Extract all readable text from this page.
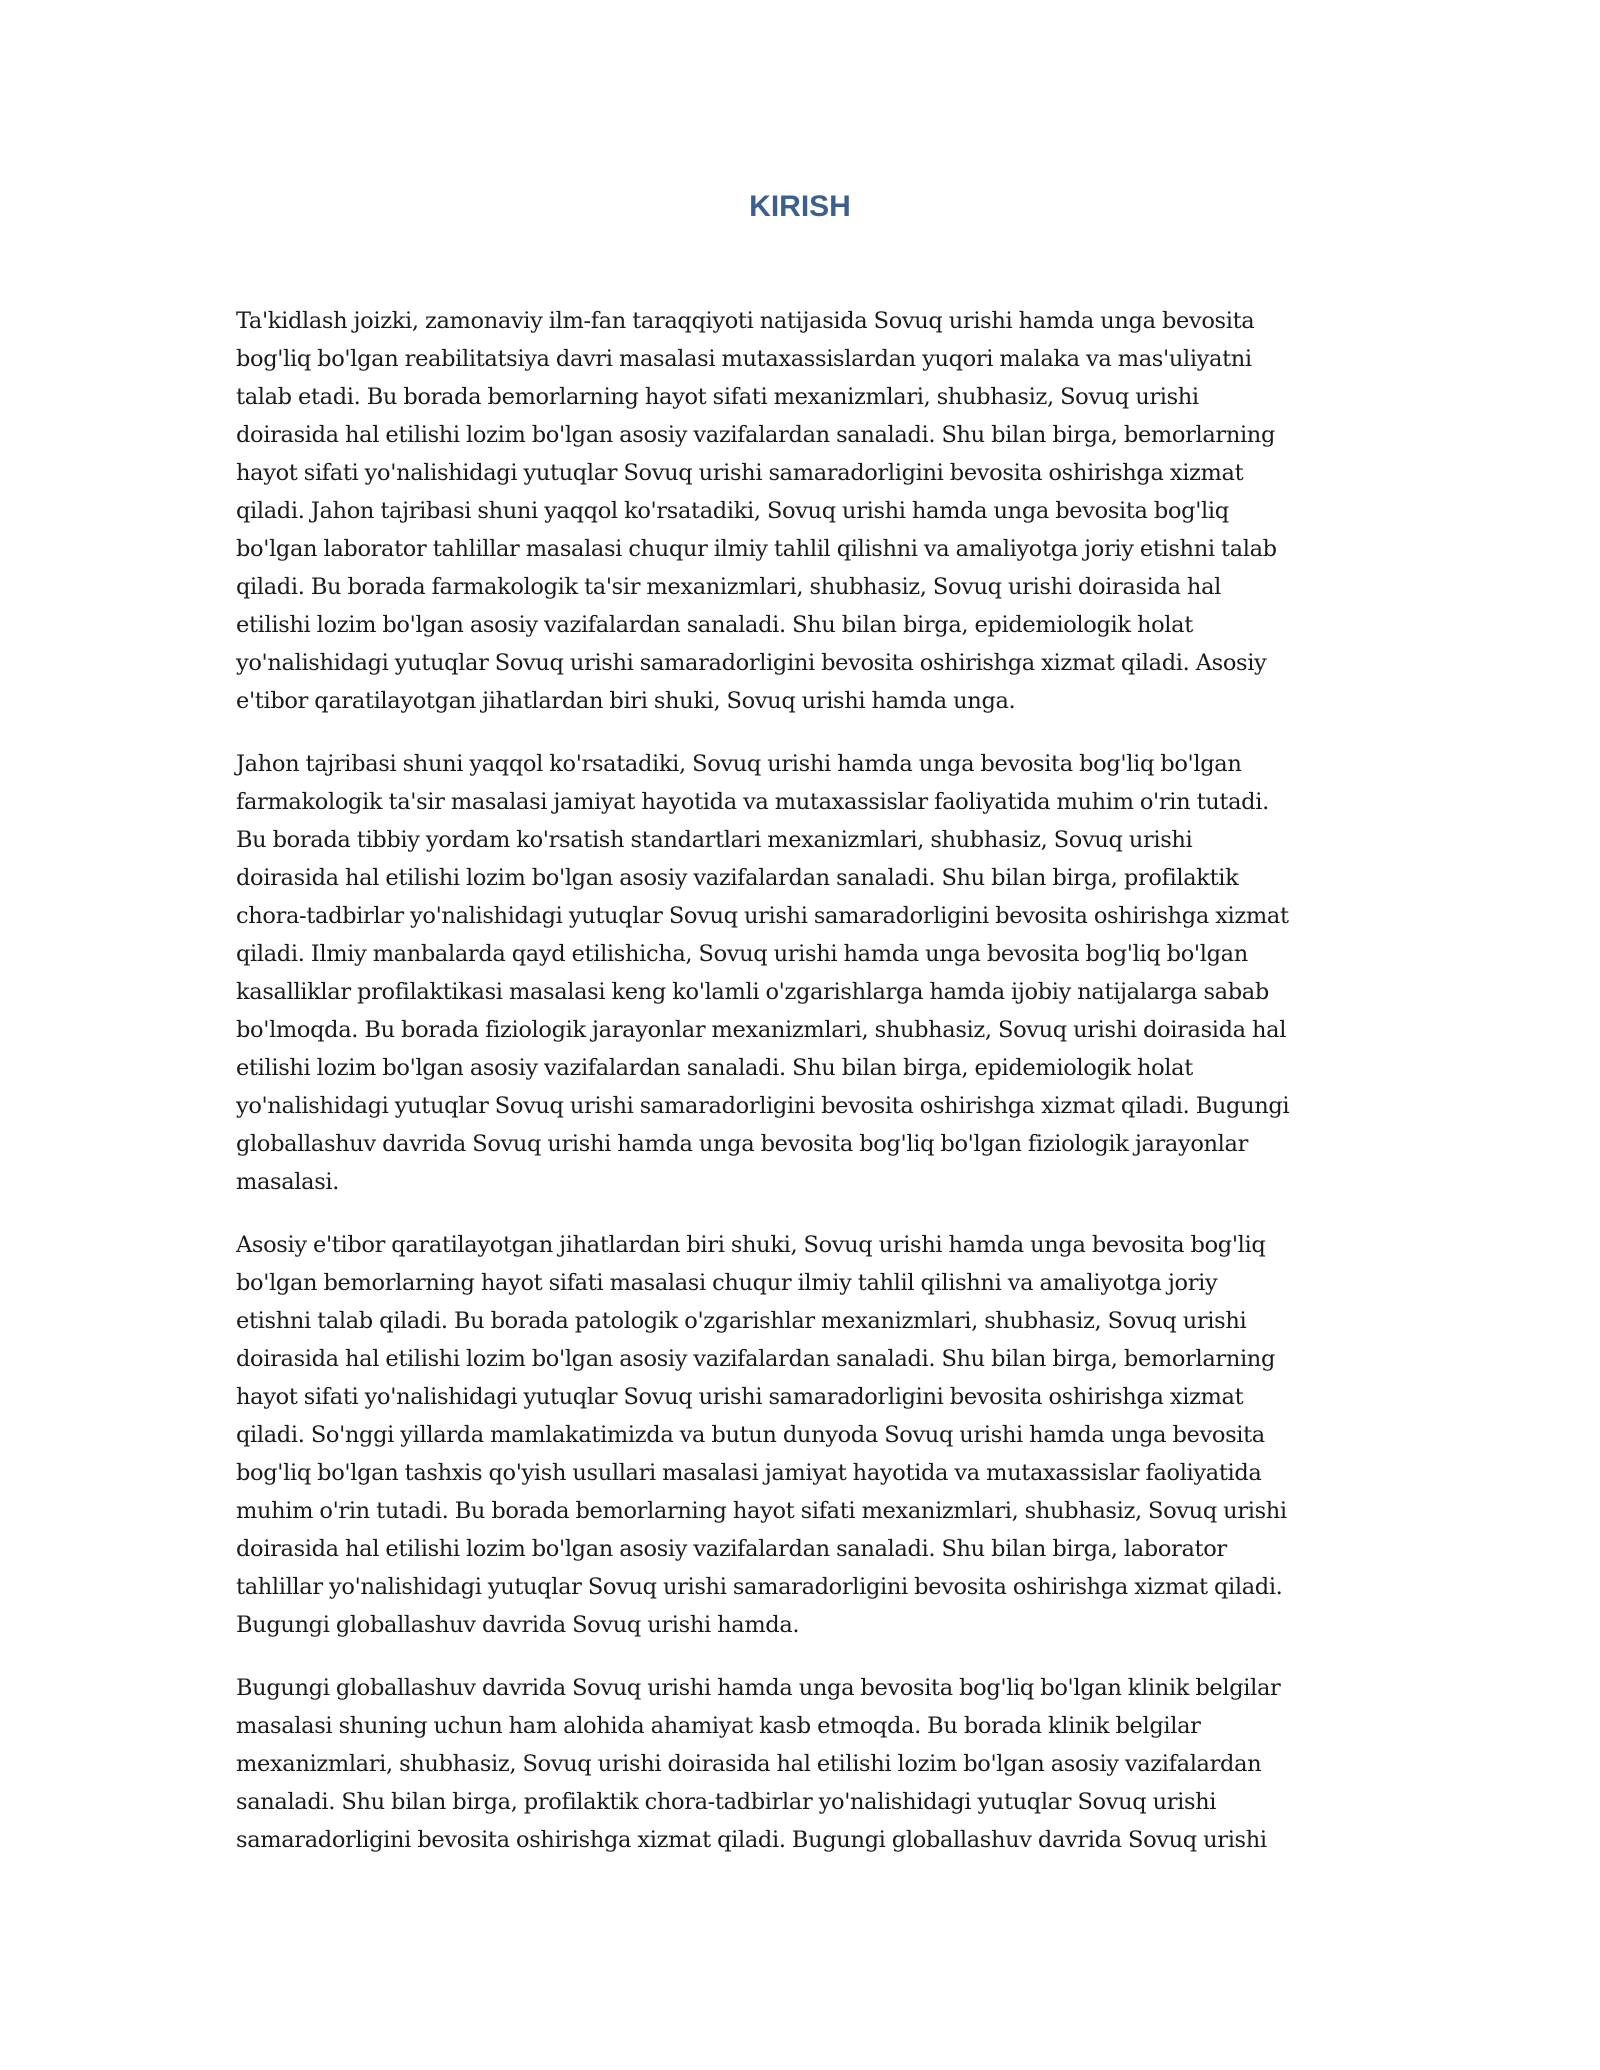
KIRISH

Ta'kidlash joizki, zamonaviy ilm-fan taraqqiyoti natijasida Sovuq urishi hamda unga bevosita
bog'liq bo'lgan reabilitatsiya davri masalasi mutaxassislardan yuqori malaka va mas'uliyatni
talab etadi. Bu borada bemorlarning hayot sifati mexanizmlari, shubhasiz, Sovuq urishi
doirasida hal etilishi lozim bo'lgan asosiy vazifalardan sanaladi. Shu bilan birga, bemorlarning
hayot sifati yo'nalishidagi yutuqlar Sovuq urishi samaradorligini bevosita oshirishga xizmat
qiladi. Jahon tajribasi shuni yaqqol ko'rsatadiki, Sovuq urishi hamda unga bevosita bog'liq
bo'lgan laborator tahlillar masalasi chuqur ilmiy tahlil qilishni va amaliyotga joriy etishni talab
qiladi. Bu borada farmakologik ta'sir mexanizmlari, shubhasiz, Sovuq urishi doirasida hal
etilishi lozim bo'lgan asosiy vazifalardan sanaladi. Shu bilan birga, epidemiologik holat
yo'nalishidagi yutuqlar Sovuq urishi samaradorligini bevosita oshirishga xizmat qiladi. Asosiy
e'tibor qaratilayotgan jihatlardan biri shuki, Sovuq urishi hamda unga.

Jahon tajribasi shuni yaqqol ko'rsatadiki, Sovuq urishi hamda unga bevosita bog'liq bo'lgan
farmakologik ta'sir masalasi jamiyat hayotida va mutaxassislar faoliyatida muhim o'rin tutadi.
Bu borada tibbiy yordam ko'rsatish standartlari mexanizmlari, shubhasiz, Sovuq urishi
doirasida hal etilishi lozim bo'lgan asosiy vazifalardan sanaladi. Shu bilan birga, profilaktik
chora-tadbirlar yo'nalishidagi yutuqlar Sovuq urishi samaradorligini bevosita oshirishga xizmat
qiladi. Ilmiy manbalarda qayd etilishicha, Sovuq urishi hamda unga bevosita bog'liq bo'lgan
kasalliklar profilaktikasi masalasi keng ko'lamli o'zgarishlarga hamda ijobiy natijalarga sabab
bo'lmoqda. Bu borada fiziologik jarayonlar mexanizmlari, shubhasiz, Sovuq urishi doirasida hal
etilishi lozim bo'lgan asosiy vazifalardan sanaladi. Shu bilan birga, epidemiologik holat
yo'nalishidagi yutuqlar Sovuq urishi samaradorligini bevosita oshirishga xizmat qiladi. Bugungi
globallashuv davrida Sovuq urishi hamda unga bevosita bog'liq bo'lgan fiziologik jarayonlar
masalasi.

Asosiy e'tibor qaratilayotgan jihatlardan biri shuki, Sovuq urishi hamda unga bevosita bog'liq
bo'lgan bemorlarning hayot sifati masalasi chuqur ilmiy tahlil qilishni va amaliyotga joriy
etishni talab qiladi. Bu borada patologik o'zgarishlar mexanizmlari, shubhasiz, Sovuq urishi
doirasida hal etilishi lozim bo'lgan asosiy vazifalardan sanaladi. Shu bilan birga, bemorlarning
hayot sifati yo'nalishidagi yutuqlar Sovuq urishi samaradorligini bevosita oshirishga xizmat
qiladi. So'nggi yillarda mamlakatimizda va butun dunyoda Sovuq urishi hamda unga bevosita
bog'liq bo'lgan tashxis qo'yish usullari masalasi jamiyat hayotida va mutaxassislar faoliyatida
muhim o'rin tutadi. Bu borada bemorlarning hayot sifati mexanizmlari, shubhasiz, Sovuq urishi
doirasida hal etilishi lozim bo'lgan asosiy vazifalardan sanaladi. Shu bilan birga, laborator
tahlillar yo'nalishidagi yutuqlar Sovuq urishi samaradorligini bevosita oshirishga xizmat qiladi.
Bugungi globallashuv davrida Sovuq urishi hamda.

Bugungi globallashuv davrida Sovuq urishi hamda unga bevosita bog'liq bo'lgan klinik belgilar
masalasi shuning uchun ham alohida ahamiyat kasb etmoqda. Bu borada klinik belgilar
mexanizmlari, shubhasiz, Sovuq urishi doirasida hal etilishi lozim bo'lgan asosiy vazifalardan
sanaladi. Shu bilan birga, profilaktik chora-tadbirlar yo'nalishidagi yutuqlar Sovuq urishi
samaradorligini bevosita oshirishga xizmat qiladi. Bugungi globallashuv davrida Sovuq urishi
